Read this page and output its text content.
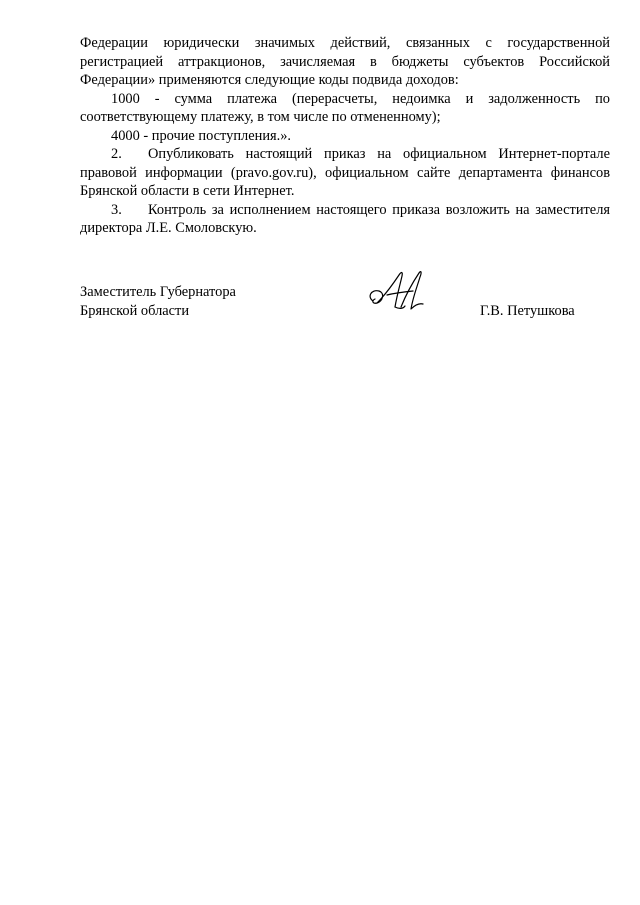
Федерации юридически значимых действий, связанных с государственной регистрацией аттракционов, зачисляемая в бюджеты субъектов Российской Федерации» применяются следующие коды подвида доходов:

1000 - сумма платежа (перерасчеты, недоимка и задолженность по соответствующему платежу, в том числе по отмененному);

4000 - прочие поступления.».

2. Опубликовать настоящий приказ на официальном Интернет-портале правовой информации (pravo.gov.ru), официальном сайте департамента финансов Брянской области в сети Интернет.

3. Контроль за исполнением настоящего приказа возложить на заместителя директора Л.Е. Смоловскую.

Заместитель Губернатора
Брянской области	Г.В. Петушкова
